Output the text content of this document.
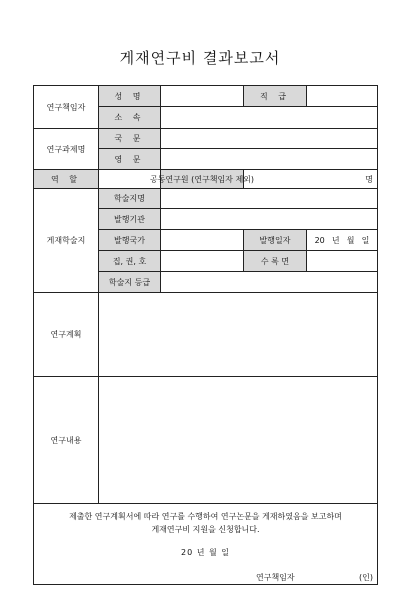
게재연구비 결과보고서
연구책임자
성 명	직 급
소 속
연구과제명
국 문
영 문
역 할	공동연구원 (연구책임자 제외)	명
게재학술지
학술지명
발행기관
발행국가	발행일자	20 년 월 일
집, 권, 호	수 록 면
학술지 등급
연구계획
연구내용
제출한 연구계획서에 따라 연구를 수행하여 연구논문을 게재하였음을 보고하며
게재연구비 지원을 신청합니다.
20 년 월 일
연구책임자	(인)
